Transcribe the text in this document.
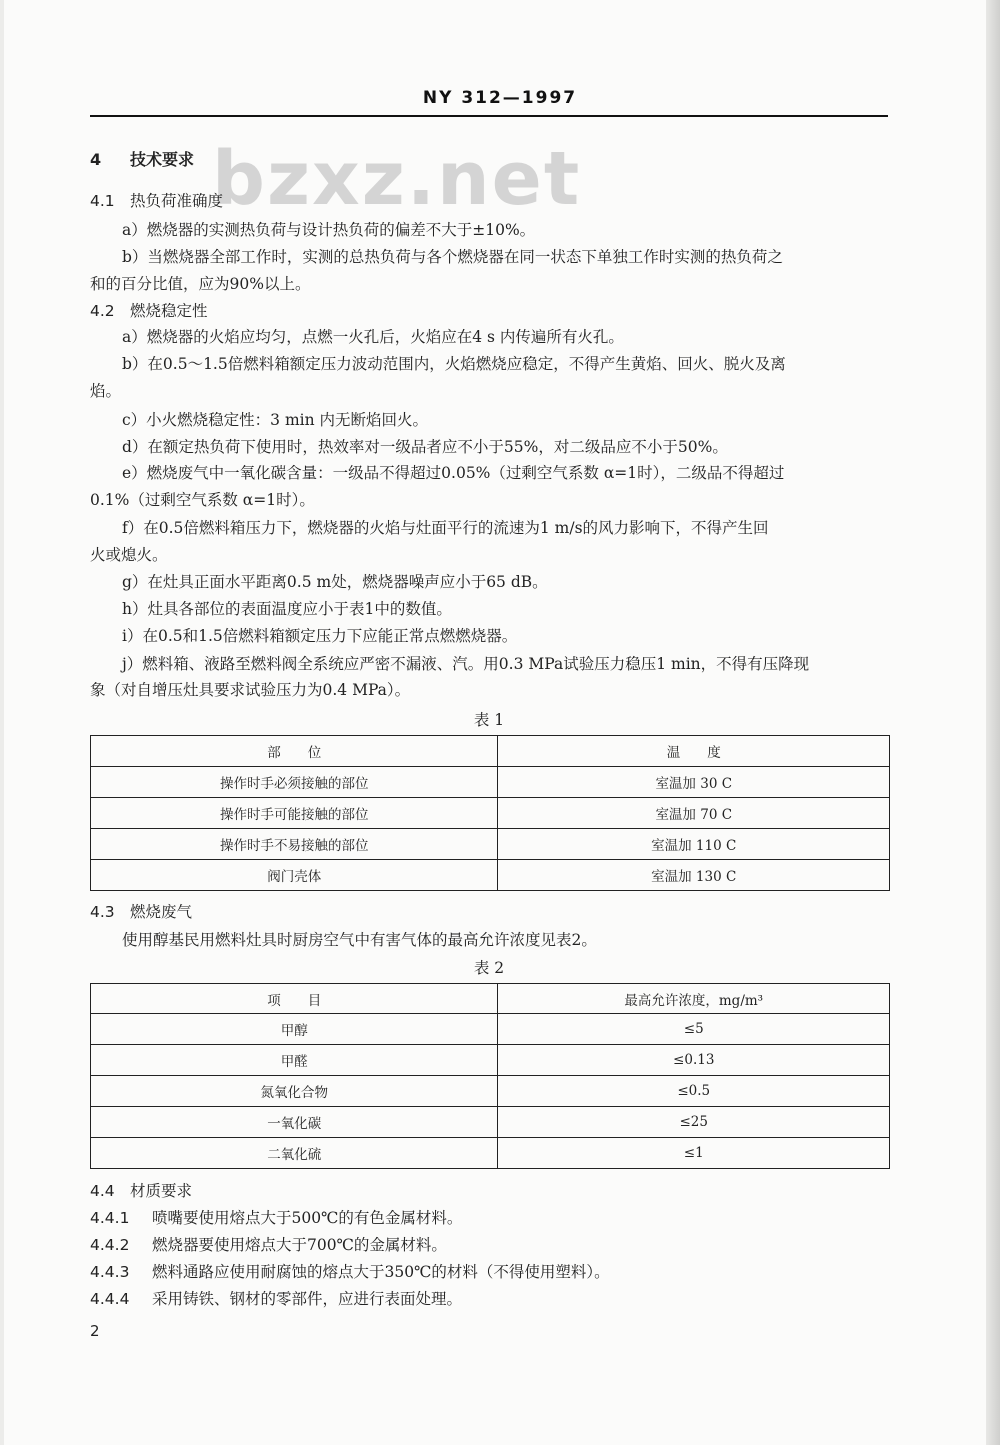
NY 312—1997
bzxz.net
4 技术要求
4.1 热负荷准确度
a）燃烧器的实测热负荷与设计热负荷的偏差不大于±10%。
b）当燃烧器全部工作时，实测的总热负荷与各个燃烧器在同一状态下单独工作时实测的热负荷之
和的百分比值，应为90%以上。
4.2 燃烧稳定性
a）燃烧器的火焰应均匀，点燃一火孔后，火焰应在4 s 内传遍所有火孔。
b）在0.5～1.5倍燃料箱额定压力波动范围内，火焰燃烧应稳定，不得产生黄焰、回火、脱火及离
焰。
c）小火燃烧稳定性：3 min 内无断焰回火。
d）在额定热负荷下使用时，热效率对一级品者应不小于55%，对二级品应不小于50%。
e）燃烧废气中一氧化碳含量：一级品不得超过0.05%（过剩空气系数 α=1时），二级品不得超过
0.1%（过剩空气系数 α=1时）。
f）在0.5倍燃料箱压力下，燃烧器的火焰与灶面平行的流速为1 m/s的风力影响下，不得产生回
火或熄火。
g）在灶具正面水平距离0.5 m处，燃烧器噪声应小于65 dB。
h）灶具各部位的表面温度应小于表1中的数值。
i）在0.5和1.5倍燃料箱额定压力下应能正常点燃燃烧器。
j）燃料箱、液路至燃料阀全系统应严密不漏液、汽。用0.3 MPa试验压力稳压1 min，不得有压降现
象（对自增压灶具要求试验压力为0.4 MPa）。
表 1
部　　位	温　　度
操作时手必须接触的部位	室温加 30 C
操作时手可能接触的部位	室温加 70 C
操作时手不易接触的部位	室温加 110 C
阀门壳体	室温加 130 C
4.3 燃烧废气
使用醇基民用燃料灶具时厨房空气中有害气体的最高允许浓度见表2。
表 2
项　　目	最高允许浓度，mg/m³
甲醇	≤5
甲醛	≤0.13
氮氧化合物	≤0.5
一氧化碳	≤25
二氧化硫	≤1
4.4 材质要求
4.4.1 喷嘴要使用熔点大于500℃的有色金属材料。
4.4.2 燃烧器要使用熔点大于700℃的金属材料。
4.4.3 燃料通路应使用耐腐蚀的熔点大于350℃的材料（不得使用塑料）。
4.4.4 采用铸铁、钢材的零部件，应进行表面处理。
2
